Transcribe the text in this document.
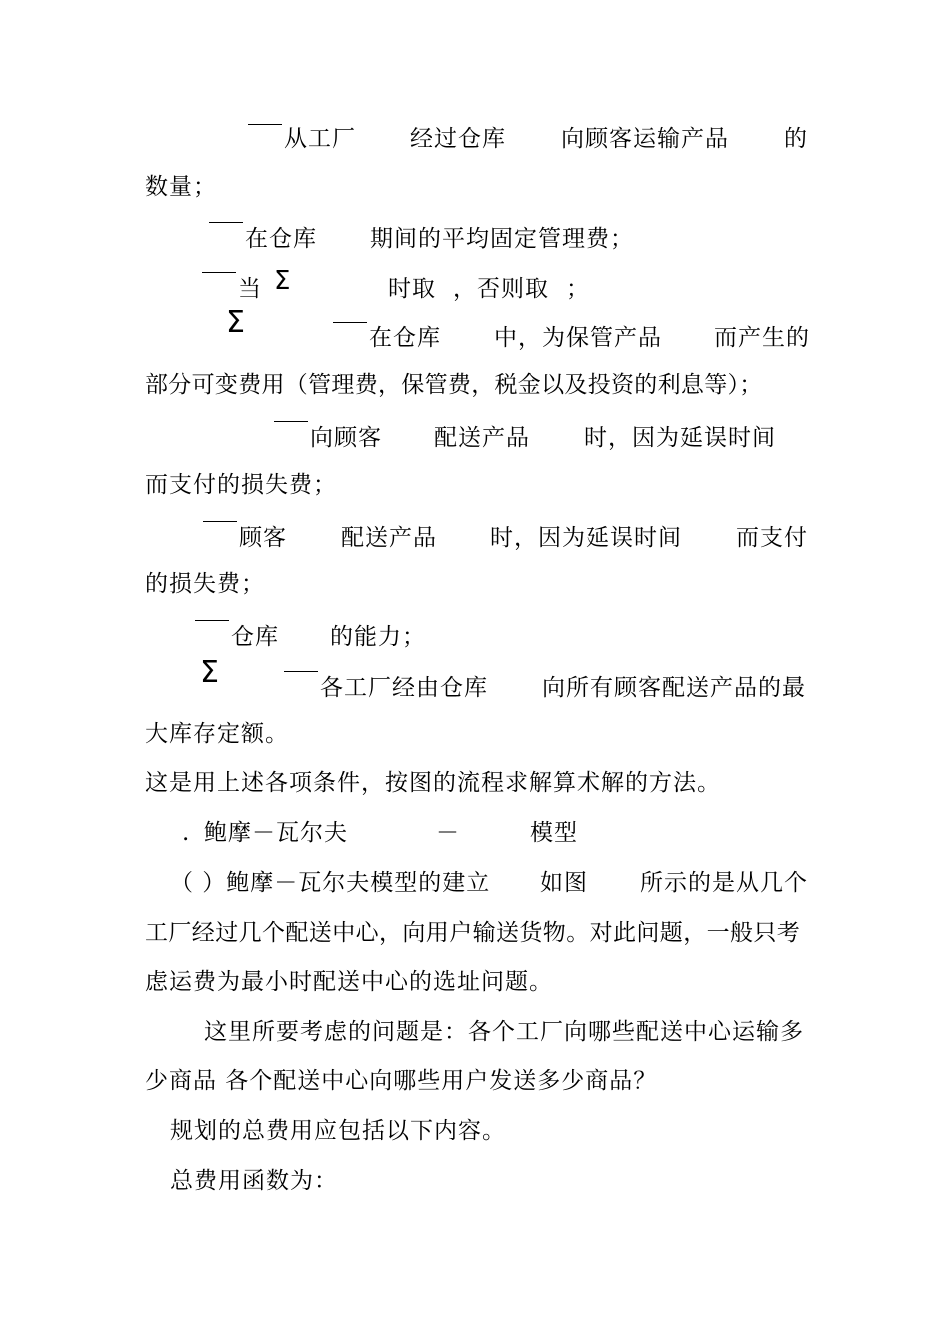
从工厂 经过仓库 向顾客运输产品 的
数量；
在仓库 期间的平均固定管理费；
当 Σ	时取 ，否则取 ；
Σ	在仓库 中，为保管产品 而产生的
部分可变费用（管理费，保管费，税金以及投资的利息等）；
向顾客 配送产品 时，因为延误时间
而支付的损失费；
顾客 配送产品 时，因为延误时间 而支付
的损失费；
仓库 的能力；
Σ	各工厂经由仓库 向所有顾客配送产品的最
大库存定额。
这是用上述各项条件，按图的流程求解算术解的方法。
. 鲍摩－瓦尔夫	－	模型
（ ）鲍摩－瓦尔夫模型的建立 如图 所示的是从几个
工厂经过几个配送中心，向用户输送货物。对此问题，一般只考
虑运费为最小时配送中心的选址问题。
这里所要考虑的问题是：各个工厂向哪些配送中心运输多
少商品 各个配送中心向哪些用户发送多少商品？
规划的总费用应包括以下内容。
总费用函数为：
